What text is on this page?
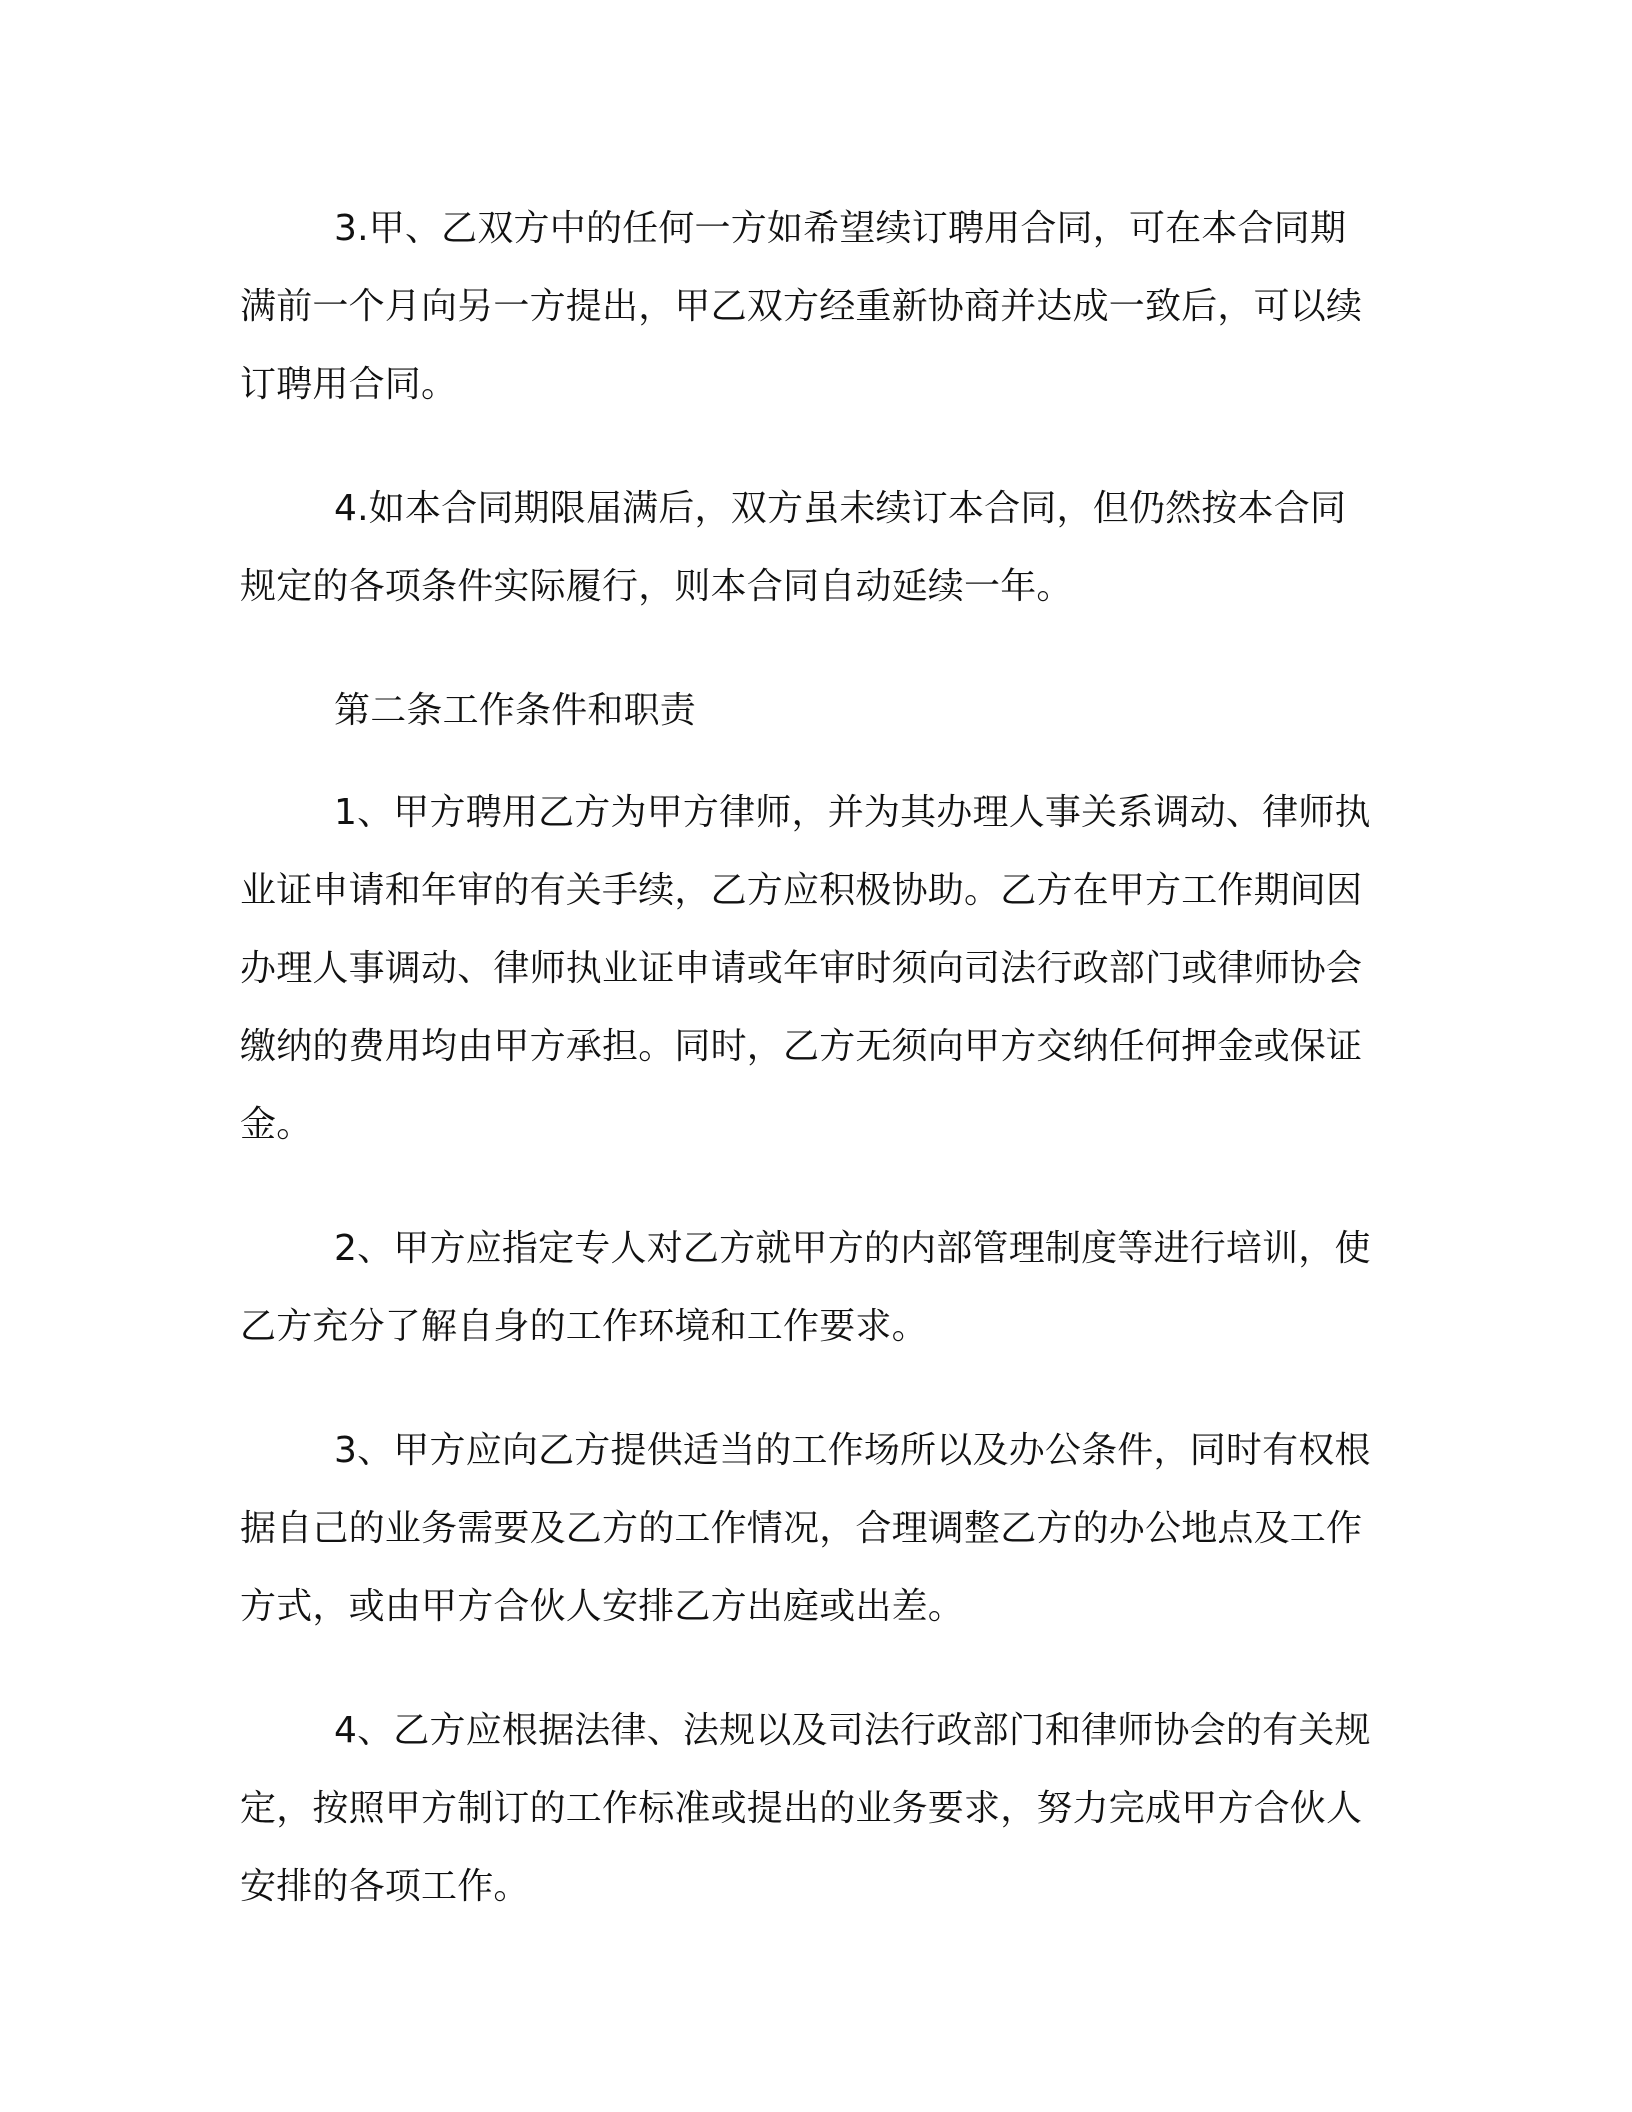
3.甲、乙双方中的任何一方如希望续订聘用合同，可在本合同期满前一个月向另一方提出，甲乙双方经重新协商并达成一致后，可以续订聘用合同。

4.如本合同期限届满后，双方虽未续订本合同，但仍然按本合同规定的各项条件实际履行，则本合同自动延续一年。

第二条工作条件和职责

1、甲方聘用乙方为甲方律师，并为其办理人事关系调动、律师执业证申请和年审的有关手续，乙方应积极协助。乙方在甲方工作期间因办理人事调动、律师执业证申请或年审时须向司法行政部门或律师协会缴纳的费用均由甲方承担。同时，乙方无须向甲方交纳任何押金或保证金。

2、甲方应指定专人对乙方就甲方的内部管理制度等进行培训，使乙方充分了解自身的工作环境和工作要求。

3、甲方应向乙方提供适当的工作场所以及办公条件，同时有权根据自己的业务需要及乙方的工作情况，合理调整乙方的办公地点及工作方式，或由甲方合伙人安排乙方出庭或出差。

4、乙方应根据法律、法规以及司法行政部门和律师协会的有关规定，按照甲方制订的工作标准或提出的业务要求，努力完成甲方合伙人安排的各项工作。
